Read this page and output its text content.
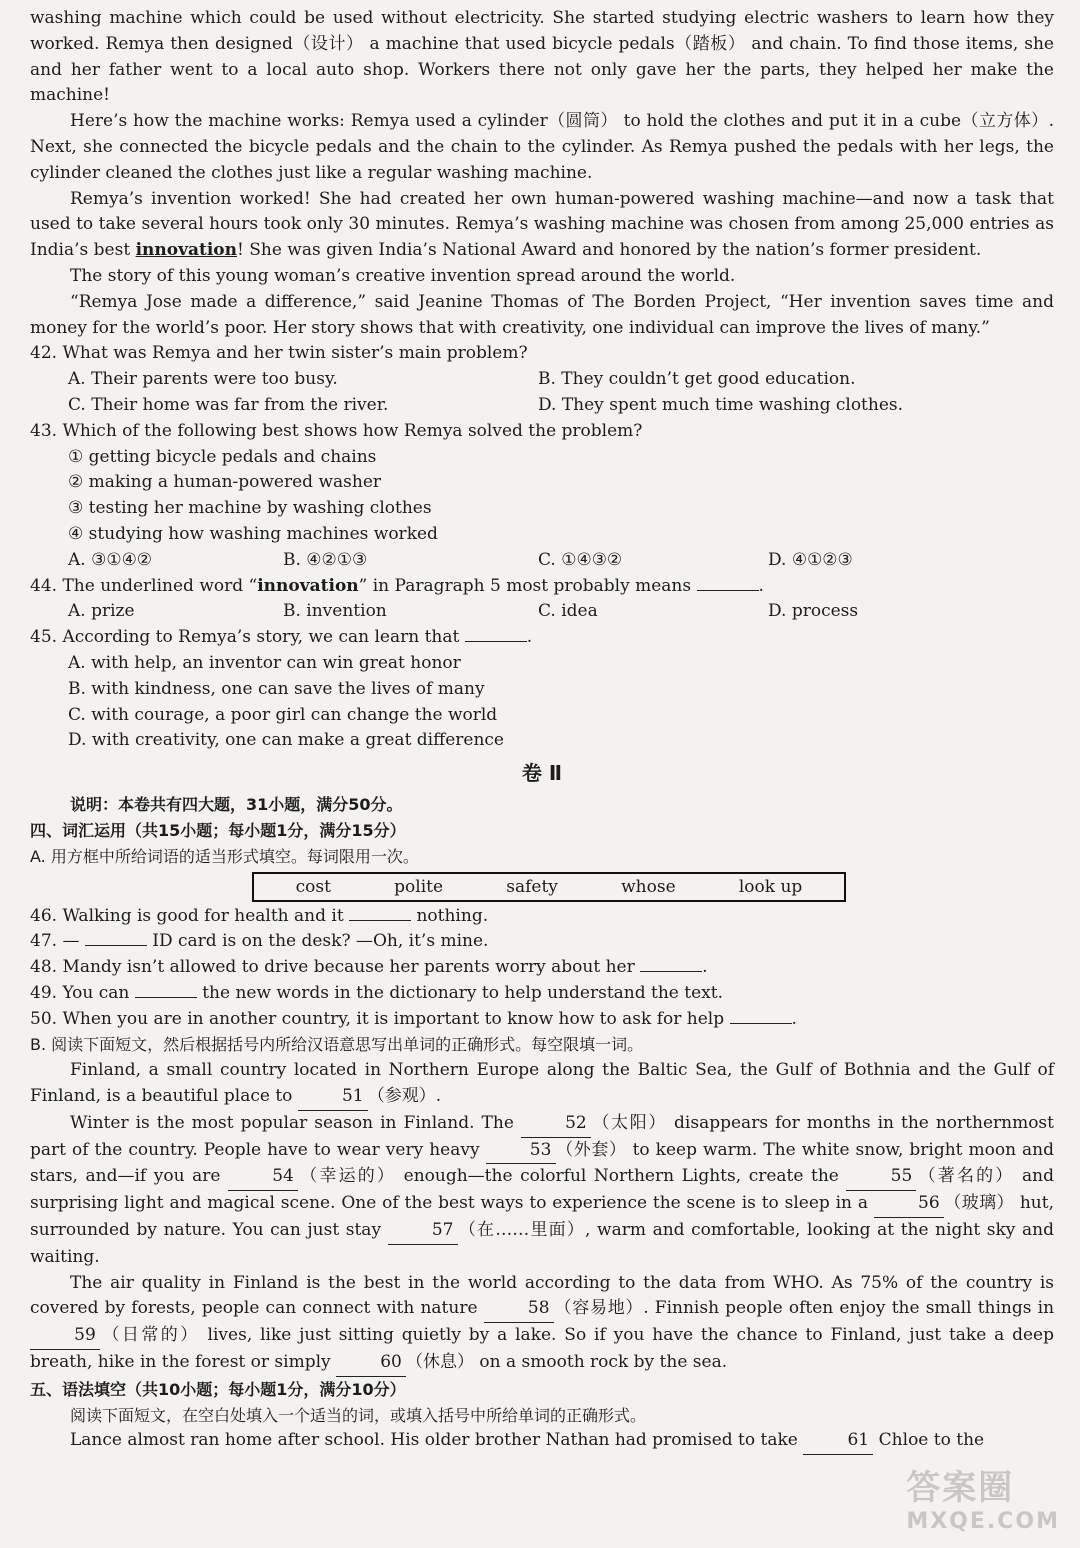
washing machine which could be used without electricity. She started studying electric washers to learn how they worked. Remya then designed（设计） a machine that used bicycle pedals（踏板） and chain. To find those items, she and her father went to a local auto shop. Workers there not only gave her the parts, they helped her make the machine!

Here’s how the machine works: Remya used a cylinder（圆筒） to hold the clothes and put it in a cube（立方体）. Next, she connected the bicycle pedals and the chain to the cylinder. As Remya pushed the pedals with her legs, the cylinder cleaned the clothes just like a regular washing machine.

Remya’s invention worked! She had created her own human-powered washing machine—and now a task that used to take several hours took only 30 minutes. Remya’s washing machine was chosen from among 25,000 entries as India’s best innovation! She was given India’s National Award and honored by the nation’s former president.

The story of this young woman’s creative invention spread around the world.

“Remya Jose made a difference,” said Jeanine Thomas of The Borden Project, “Her invention saves time and money for the world’s poor. Her story shows that with creativity, one individual can improve the lives of many.”

42. What was Remya and her twin sister’s main problem?

A. Their parents were too busy.	B. They couldn’t get good education.
C. Their home was far from the river.	D. They spent much time washing clothes.

43. Which of the following best shows how Remya solved the problem?

① getting bicycle pedals and chains

② making a human-powered washer

③ testing her machine by washing clothes

④ studying how washing machines worked

A. ③①④②	B. ④②①③	C. ①④③②	D. ④①②③

44. The underlined word “innovation” in Paragraph 5 most probably means	.

A. prize	B. invention	C. idea	D. process

45. According to Remya’s story, we can learn that	.

A. with help, an inventor can win great honor

B. with kindness, one can save the lives of many

C. with courage, a poor girl can change the world

D. with creativity, one can make a great difference

卷 Ⅱ

说明：本卷共有四大题，31小题，满分50分。

四、词汇运用（共15小题；每小题1分，满分15分）

A. 用方框中所给词语的适当形式填空。每词限用一次。

cost	polite	safety	whose	look up

46. Walking is good for health and it	nothing.

47. —	ID card is on the desk? —Oh, it’s mine.

48. Mandy isn’t allowed to drive because her parents worry about her	.

49. You can	the new words in the dictionary to help understand the text.

50. When you are in another country, it is important to know how to ask for help	.

B. 阅读下面短文，然后根据括号内所给汉语意思写出单词的正确形式。每空限填一词。

Finland, a small country located in Northern Europe along the Baltic Sea, the Gulf of Bothnia and the Gulf of Finland, is a beautiful place to	51 （参观）.

Winter is the most popular season in Finland. The	52 （太阳） disappears for months in the northernmost part of the country. People have to wear very heavy	53 （外套） to keep warm. The white snow, bright moon and stars, and—if you are	54 （幸运的） enough—the colorful Northern Lights, create the	55 （著名的） and surprising light and magical scene. One of the best ways to experience the scene is to sleep in a	56 （玻璃） hut, surrounded by nature. You can just stay	57 （在……里面）, warm and comfortable, looking at the night sky and waiting.

The air quality in Finland is the best in the world according to the data from WHO. As 75% of the country is covered by forests, people can connect with nature	58 （容易地）. Finnish people often enjoy the small things in 59 （日常的） lives, like just sitting quietly by a lake. So if you have the chance to Finland, just take a deep breath, hike in the forest or simply	60 （休息） on a smooth rock by the sea.

五、语法填空（共10小题；每小题1分，满分10分）

阅读下面短文，在空白处填入一个适当的词，或填入括号中所给单词的正确形式。

Lance almost ran home after school. His older brother Nathan had promised to take	61 Chloe to the

答案圈
MXQE.COM
